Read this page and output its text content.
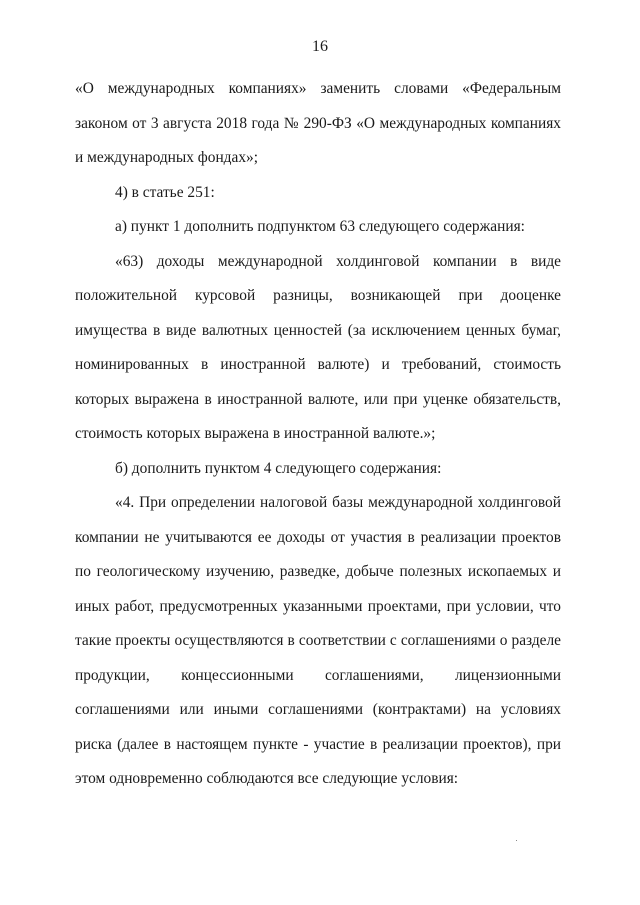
16

«О международных компаниях» заменить словами «Федеральным законом от 3 августа 2018 года № 290-ФЗ «О международных компаниях и международных фондах»;

4) в статье 251:

а) пункт 1 дополнить подпунктом 63 следующего содержания:

«63) доходы международной холдинговой компании в виде положительной курсовой разницы, возникающей при дооценке имущества в виде валютных ценностей (за исключением ценных бумаг, номинированных в иностранной валюте) и требований, стоимость которых выражена в иностранной валюте, или при уценке обязательств, стоимость которых выражена в иностранной валюте.»;

б) дополнить пунктом 4 следующего содержания:

«4. При определении налоговой базы международной холдинговой компании не учитываются ее доходы от участия в реализации проектов по геологическому изучению, разведке, добыче полезных ископаемых и иных работ, предусмотренных указанными проектами, при условии, что такие проекты осуществляются в соответствии с соглашениями о разделе продукции, концессионными соглашениями, лицензионными соглашениями или иными соглашениями (контрактами) на условиях риска (далее в настоящем пункте - участие в реализации проектов), при этом одновременно соблюдаются все следующие условия:
